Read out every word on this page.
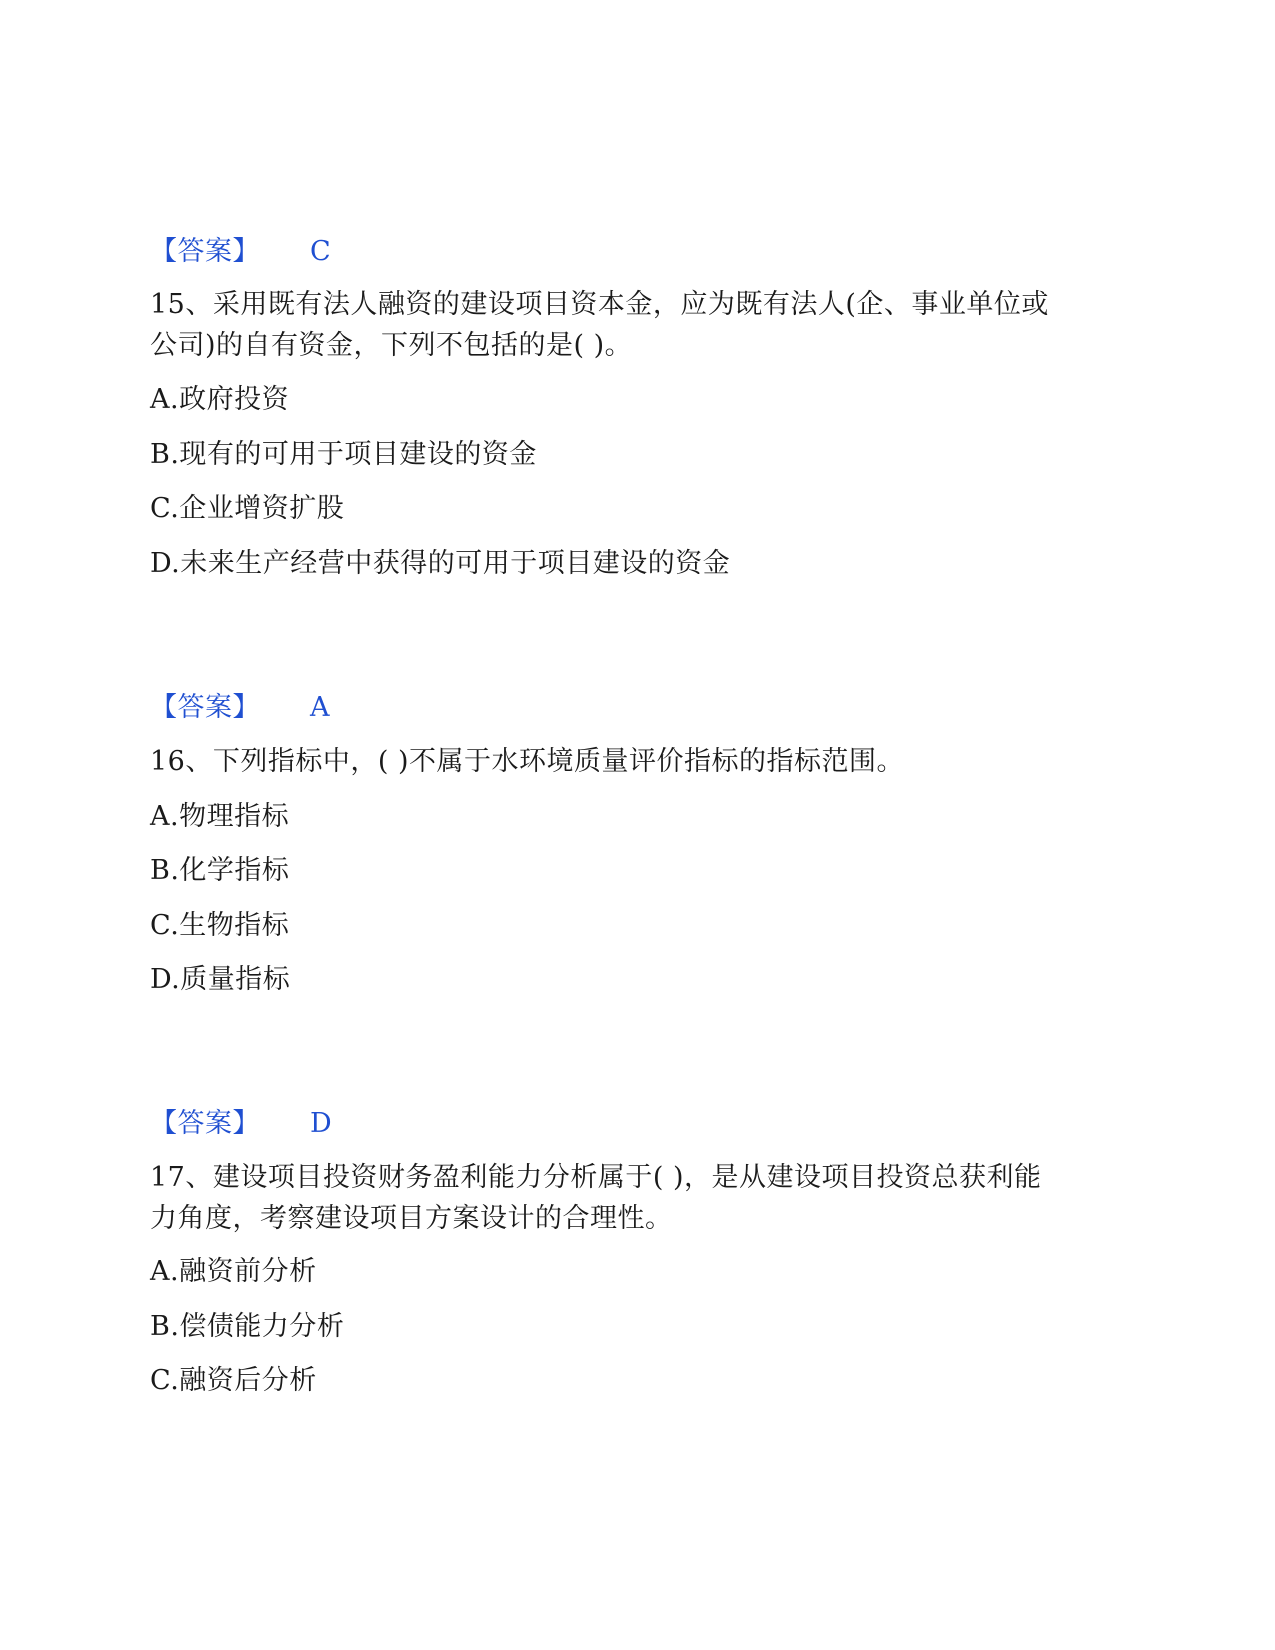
【答案】 C
15、采用既有法人融资的建设项目资本金，应为既有法人(企、事业单位或
公司)的自有资金，下列不包括的是( )。
A.政府投资
B.现有的可用于项目建设的资金
C.企业增资扩股
D.未来生产经营中获得的可用于项目建设的资金
【答案】 A
16、下列指标中，( )不属于水环境质量评价指标的指标范围。
A.物理指标
B.化学指标
C.生物指标
D.质量指标
【答案】 D
17、建设项目投资财务盈利能力分析属于( )，是从建设项目投资总获利能
力角度，考察建设项目方案设计的合理性。
A.融资前分析
B.偿债能力分析
C.融资后分析
